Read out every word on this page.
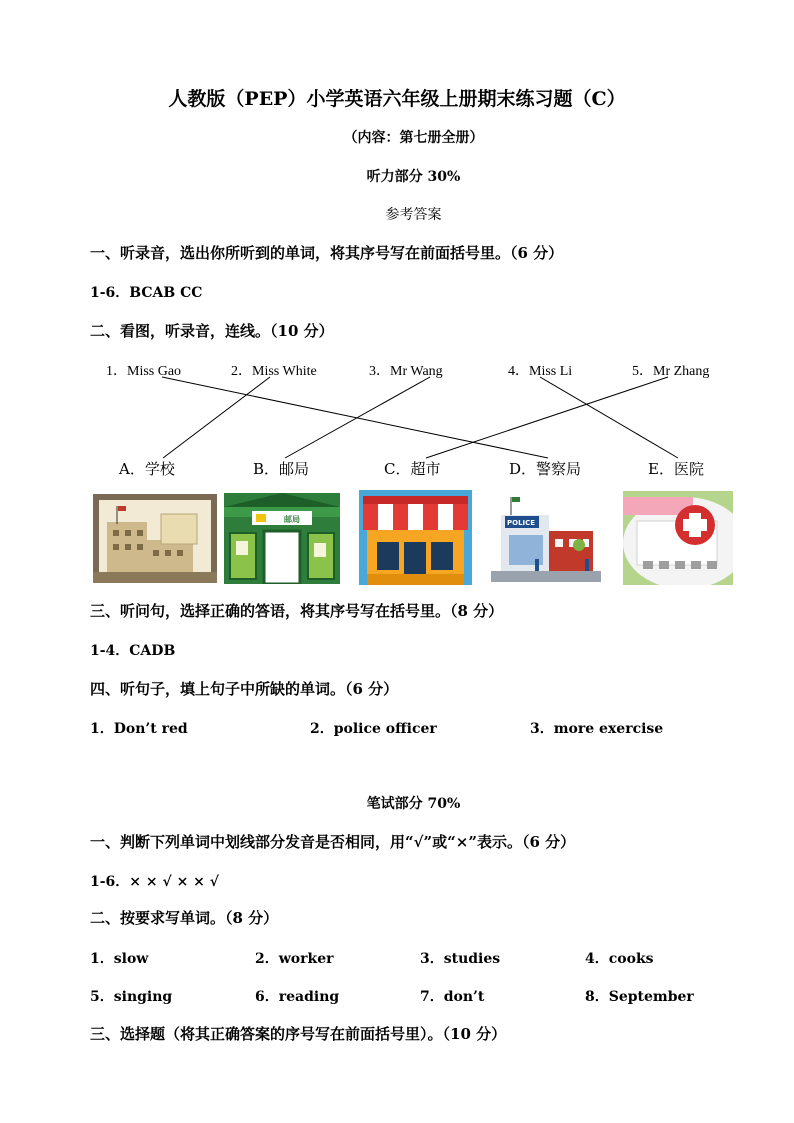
人教版（PEP）小学英语六年级上册期末练习题（C）
（内容：第七册全册）
听力部分 30%
参考答案
一、听录音，选出你所听到的单词，将其序号写在前面括号里。（6 分）
1-6．BCAB CC
二、看图，听录音，连线。（10 分）
1．Miss Gao	2．Miss White	3．Mr Wang	4．Miss Li	5．Mr Zhang
A．学校	B．邮局	C．超市	D．警察局	E．医院
邮局	POLICE
三、听问句，选择正确的答语，将其序号写在括号里。（8 分）
1-4．CADB
四、听句子，填上句子中所缺的单词。（6 分）
1．Don’t red	2．police officer	3．more exercise
笔试部分 70%
一、判断下列单词中划线部分发音是否相同，用“√”或“×”表示。（6 分）
1-6．× × √ × × √
二、按要求写单词。（8 分）
1．slow	2．worker	3．studies	4．cooks
5．singing	6．reading	7．don’t	8．September
三、选择题（将其正确答案的序号写在前面括号里）。（10 分）
